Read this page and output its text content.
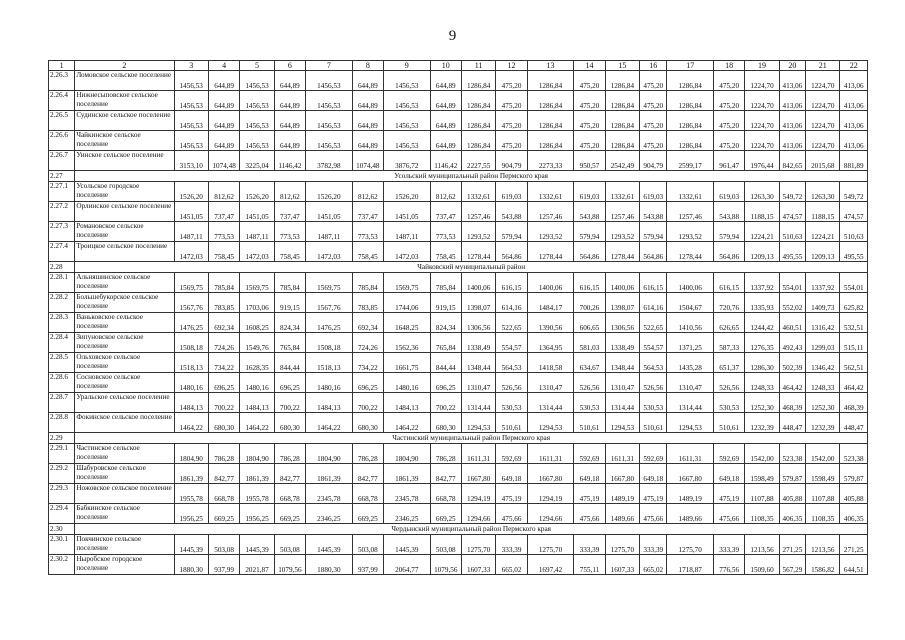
9
1	2	3	4	5	6	7	8	9	10	11	12	13	14	15	16	17	18	19	20	21	22
2.26.3	Ломовское сельское поселение	1456,53	644,89	1456,53	644,89	1456,53	644,89	1456,53	644,89	1286,84	475,20	1286,84	475,20	1286,84	475,20	1286,84	475,20	1224,70	413,06	1224,70	413,06
2.26.4	Нижнесыповское сельское поселение	1456,53	644,89	1456,53	644,89	1456,53	644,89	1456,53	644,89	1286,84	475,20	1286,84	475,20	1286,84	475,20	1286,84	475,20	1224,70	413,06	1224,70	413,06
2.26.5	Судинское сельское поселение	1456,53	644,89	1456,53	644,89	1456,53	644,89	1456,53	644,89	1286,84	475,20	1286,84	475,20	1286,84	475,20	1286,84	475,20	1224,70	413,06	1224,70	413,06
2.26.6	Чайкинское сельское поселение	1456,53	644,89	1456,53	644,89	1456,53	644,89	1456,53	644,89	1286,84	475,20	1286,84	475,20	1286,84	475,20	1286,84	475,20	1224,70	413,06	1224,70	413,06
2.26.7	Уинское сельское поселение	3153,10	1074,48	3225,04	1146,42	3782,98	1074,48	3876,72	1146,42	2227,55	904,79	2273,33	950,57	2542,49	904,79	2599,17	961,47	1976,44	842,65	2015,68	881,89
2.27	Усольский муниципальный район Пермского края																				
2.27.1	Усольское городское поселение	1526,20	812,62	1526,20	812,62	1526,20	812,62	1526,20	812,62	1332,61	619,03	1332,61	619,03	1332,61	619,03	1332,61	619,03	1263,30	549,72	1263,30	549,72
2.27.2	Орлинское сельское поселение	1451,05	737,47	1451,05	737,47	1451,05	737,47	1451,05	737,47	1257,46	543,88	1257,46	543,88	1257,46	543,88	1257,46	543,88	1188,15	474,57	1188,15	474,57
2.27.3	Романовское сельское поселение	1487,11	773,53	1487,11	773,53	1487,11	773,53	1487,11	773,53	1293,52	579,94	1293,52	579,94	1293,52	579,94	1293,52	579,94	1224,21	510,63	1224,21	510,63
2.27.4	Троицкое сельское поселение	1472,03	758,45	1472,03	758,45	1472,03	758,45	1472,03	758,45	1278,44	564,86	1278,44	564,86	1278,44	564,86	1278,44	564,86	1209,13	495,55	1209,13	495,55
2.28	Чайковский муниципальный район																				
2.28.1	Альняшинское сельское поселение	1569,75	785,84	1569,75	785,84	1569,75	785,84	1569,75	785,84	1400,06	616,15	1400,06	616,15	1400,06	616,15	1400,06	616,15	1337,92	554,01	1337,92	554,01
2.28.2	Большебукорское сельское поселение	1567,76	783,85	1703,06	919,15	1567,76	783,85	1744,06	919,15	1398,07	614,16	1484,17	700,26	1398,07	614,16	1504,67	720,76	1335,93	552,02	1409,73	625,82
2.28.3	Ваньковское сельское поселение	1476,25	692,34	1608,25	824,34	1476,25	692,34	1648,25	824,34	1306,56	522,65	1390,56	606,65	1306,56	522,65	1410,56	626,65	1244,42	460,51	1316,42	532,51
2.28.4	Зипуновское сельское поселение	1508,18	724,26	1549,76	765,84	1508,18	724,26	1562,36	765,84	1338,49	554,57	1364,95	581,03	1338,49	554,57	1371,25	587,33	1276,35	492,43	1299,03	515,11
2.28.5	Ольховское сельское поселение	1518,13	734,22	1628,35	844,44	1518,13	734,22	1661,75	844,44	1348,44	564,53	1418,58	634,67	1348,44	564,53	1435,28	651,37	1286,30	502,39	1346,42	562,51
2.28.6	Сосновское сельское поселение	1480,16	696,25	1480,16	696,25	1480,16	696,25	1480,16	696,25	1310,47	526,56	1310,47	526,56	1310,47	526,56	1310,47	526,56	1248,33	464,42	1248,33	464,42
2.28.7	Уральское сельское поселение	1484,13	700,22	1484,13	700,22	1484,13	700,22	1484,13	700,22	1314,44	530,53	1314,44	530,53	1314,44	530,53	1314,44	530,53	1252,30	468,39	1252,30	468,39
2.28.8	Фокинское сельское поселение	1464,22	680,30	1464,22	680,30	1464,22	680,30	1464,22	680,30	1294,53	510,61	1294,53	510,61	1294,53	510,61	1294,53	510,61	1232,39	448,47	1232,39	448,47
2.29	Частинский муниципальный район Пермского края																				
2.29.1	Частинское сельское поселение	1804,90	786,28	1804,90	786,28	1804,90	786,28	1804,90	786,28	1611,31	592,69	1611,31	592,69	1611,31	592,69	1611,31	592,69	1542,00	523,38	1542,00	523,38
2.29.2	Шабуровское сельское поселение	1861,39	842,77	1861,39	842,77	1861,39	842,77	1861,39	842,77	1667,80	649,18	1667,80	649,18	1667,80	649,18	1667,80	649,18	1598,49	579,87	1598,49	579,87
2.29.3	Ножовское сельское поселение	1955,78	668,78	1955,78	668,78	2345,78	668,78	2345,78	668,78	1294,19	475,19	1294,19	475,19	1489,19	475,19	1489,19	475,19	1107,88	405,88	1107,88	405,88
2.29.4	Бабкинское сельское поселение	1956,25	669,25	1956,25	669,25	2346,25	669,25	2346,25	669,25	1294,66	475,66	1294,66	475,66	1489,66	475,66	1489,66	475,66	1108,35	406,35	1108,35	406,35
2.30	Чердынский муниципальный район Пермского края																				
2.30.1	Покчинское сельское поселение	1445,39	503,08	1445,39	503,08	1445,39	503,08	1445,39	503,08	1275,70	333,39	1275,70	333,39	1275,70	333,39	1275,70	333,39	1213,56	271,25	1213,56	271,25
2.30.2	Ныробское городское поселение	1880,30	937,99	2021,87	1079,56	1880,30	937,99	2064,77	1079,56	1607,33	665,02	1697,42	755,11	1607,33	665,02	1718,87	776,56	1509,60	567,29	1586,82	644,51
